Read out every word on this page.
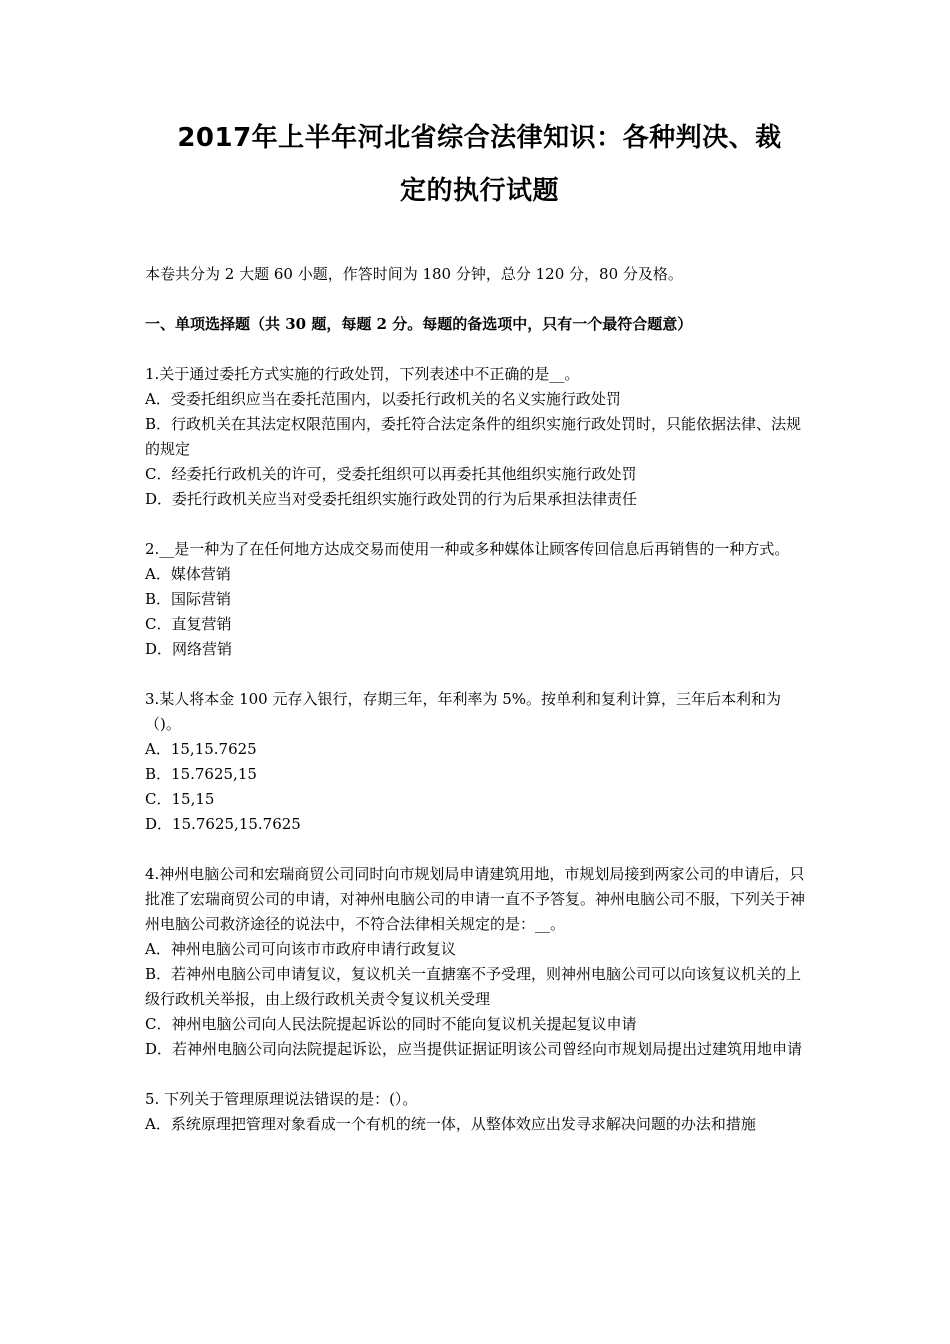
2017年上半年河北省综合法律知识：各种判决、裁
定的执行试题

本卷共分为 2 大题 60 小题，作答时间为 180 分钟，总分 120 分，80 分及格。

一、单项选择题（共 30 题，每题 2 分。每题的备选项中，只有一个最符合题意）

1.关于通过委托方式实施的行政处罚，下列表述中不正确的是__。

A．受委托组织应当在委托范围内，以委托行政机关的名义实施行政处罚

B．行政机关在其法定权限范围内，委托符合法定条件的组织实施行政处罚时，只能依据法律、法规的规定

C．经委托行政机关的许可，受委托组织可以再委托其他组织实施行政处罚

D．委托行政机关应当对受委托组织实施行政处罚的行为后果承担法律责任

2.__是一种为了在任何地方达成交易而使用一种或多种媒体让顾客传回信息后再销售的一种方式。

A．媒体营销

B．国际营销

C．直复营销

D．网络营销

3.某人将本金 100 元存入银行，存期三年，年利率为 5%。按单利和复利计算，三年后本利和为（)。

A．15,15.7625

B．15.7625,15

C．15,15

D．15.7625,15.7625

4.神州电脑公司和宏瑞商贸公司同时向市规划局申请建筑用地，市规划局接到两家公司的申请后，只批准了宏瑞商贸公司的申请，对神州电脑公司的申请一直不予答复。神州电脑公司不服，下列关于神州电脑公司救济途径的说法中，不符合法律相关规定的是：__。

A．神州电脑公司可向该市市政府申请行政复议

B．若神州电脑公司申请复议，复议机关一直搪塞不予受理，则神州电脑公司可以向该复议机关的上级行政机关举报，由上级行政机关责令复议机关受理

C．神州电脑公司向人民法院提起诉讼的同时不能向复议机关提起复议申请

D．若神州电脑公司向法院提起诉讼，应当提供证据证明该公司曾经向市规划局提出过建筑用地申请

5. 下列关于管理原理说法错误的是：(）。

A．系统原理把管理对象看成一个有机的统一体，从整体效应出发寻求解决问题的办法和措施
